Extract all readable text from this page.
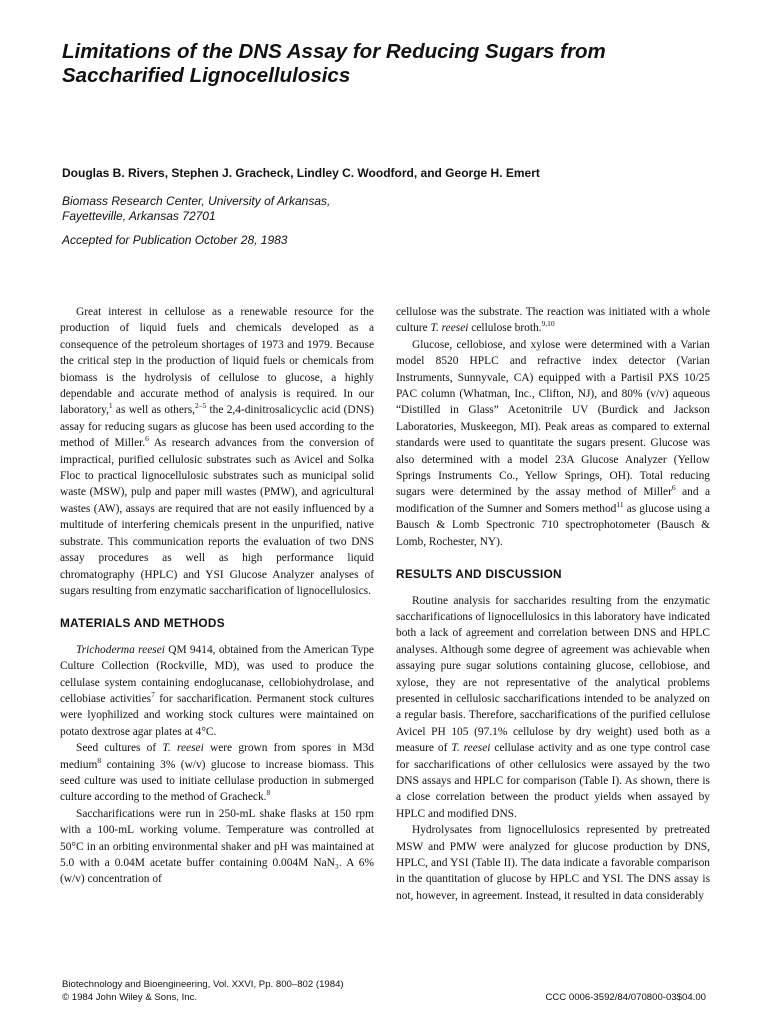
Limitations of the DNS Assay for Reducing Sugars from Saccharified Lignocellulosics
Douglas B. Rivers, Stephen J. Gracheck, Lindley C. Woodford, and George H. Emert
Biomass Research Center, University of Arkansas,
Fayetteville, Arkansas 72701
Accepted for Publication October 28, 1983

Great interest in cellulose as a renewable resource for the production of liquid fuels and chemicals developed as a consequence of the petroleum shortages of 1973 and 1979. Because the critical step in the production of liquid fuels or chemicals from biomass is the hydrolysis of cellulose to glucose, a highly dependable and accurate method of analysis is required. In our laboratory,$^1$ as well as others,$^{2-5}$ the 2,4-dinitrosalicyclic acid (DNS) assay for reducing sugars as glucose has been used according to the method of Miller.$^6$ As research advances from the conversion of impractical, purified cellulosic substrates such as Avicel and Solka Floc to practical lignocellulosic substrates such as municipal solid waste (MSW), pulp and paper mill wastes (PMW), and agricultural wastes (AW), assays are required that are not easily influenced by a multitude of interfering chemicals present in the unpurified, native substrate. This communication reports the evaluation of two DNS assay procedures as well as high performance liquid chromatography (HPLC) and YSI Glucose Analyzer analyses of sugars resulting from enzymatic saccharification of lignocellulosics.

MATERIALS AND METHODS

Trichoderma reesei QM 9414, obtained from the American Type Culture Collection (Rockville, MD), was used to produce the cellulase system containing endoglucanase, cellobiohydrolase, and cellobiase activities$^7$ for saccharification. Permanent stock cultures were lyophilized and working stock cultures were maintained on potato dextrose agar plates at 4°C.

Seed cultures of T. reesei were grown from spores in M3d medium$^8$ containing 3% (w/v) glucose to increase biomass. This seed culture was used to initiate cellulase production in submerged culture according to the method of Gracheck.$^8$

Saccharifications were run in 250-mL shake flasks at 150 rpm with a 100-mL working volume. Temperature was controlled at 50°C in an orbiting environmental shaker and pH was maintained at 5.0 with a 0.04M acetate buffer containing 0.004M NaN₃. A 6% (w/v) concentration of

cellulose was the substrate. The reaction was initiated with a whole culture T. reesei cellulose broth.$^{9,10}$

Glucose, cellobiose, and xylose were determined with a Varian model 8520 HPLC and refractive index detector (Varian Instruments, Sunnyvale, CA) equipped with a Partisil PXS 10/25 PAC column (Whatman, Inc., Clifton, NJ), and 80% (v/v) aqueous “Distilled in Glass” Acetonitrile UV (Burdick and Jackson Laboratories, Muskeegon, MI). Peak areas as compared to external standards were used to quantitate the sugars present. Glucose was also determined with a model 23A Glucose Analyzer (Yellow Springs Instruments Co., Yellow Springs, OH). Total reducing sugars were determined by the assay method of Miller$^6$ and a modification of the Sumner and Somers method$^{11}$ as glucose using a Bausch & Lomb Spectronic 710 spectrophotometer (Bausch & Lomb, Rochester, NY).

RESULTS AND DISCUSSION

Routine analysis for saccharides resulting from the enzymatic saccharifications of lignocellulosics in this laboratory have indicated both a lack of agreement and correlation between DNS and HPLC analyses. Although some degree of agreement was achievable when assaying pure sugar solutions containing glucose, cellobiose, and xylose, they are not representative of the analytical problems presented in cellulosic saccharifications intended to be analyzed on a regular basis. Therefore, saccharifications of the purified cellulose Avicel PH 105 (97.1% cellulose by dry weight) used both as a measure of T. reesei cellulase activity and as one type control case for saccharifications of other cellulosics were assayed by the two DNS assays and HPLC for comparison (Table I). As shown, there is a close correlation between the product yields when assayed by HPLC and modified DNS.

Hydrolysates from lignocellulosics represented by pretreated MSW and PMW were analyzed for glucose production by DNS, HPLC, and YSI (Table II). The data indicate a favorable comparison in the quantitation of glucose by HPLC and YSI. The DNS assay is not, however, in agreement. Instead, it resulted in data considerably

Biotechnology and Bioengineering, Vol. XXVI, Pp. 800–802 (1984)
© 1984 John Wiley & Sons, Inc.	CCC 0006-3592/84/070800-03$04.00
